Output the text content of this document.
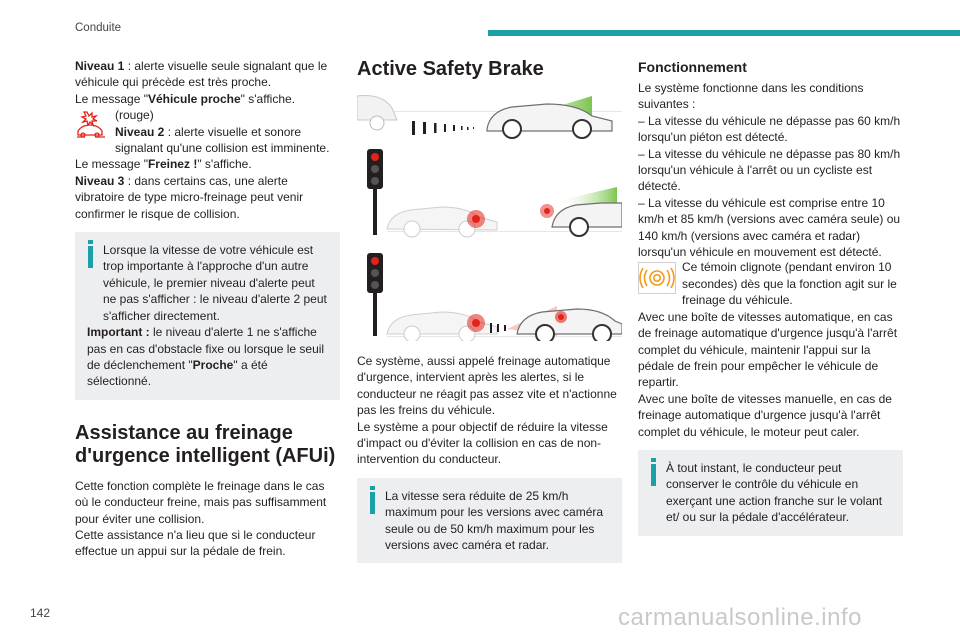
Conduite

Niveau 1 : alerte visuelle seule signalant que le véhicule qui précède est très proche.
Le message "Véhicule proche" s'affiche.

(rouge)
Niveau 2 : alerte visuelle et sonore signalant qu'une collision est imminente.

Le message "Freinez !" s'affiche.
Niveau 3 : dans certains cas, une alerte vibratoire de type micro-freinage peut venir confirmer le risque de collision.

Lorsque la vitesse de votre véhicule est trop importante à l'approche d'un autre véhicule, le premier niveau d'alerte peut ne pas s'afficher : le niveau d'alerte 2 peut s'afficher directement.

Important : le niveau d'alerte 1 ne s'affiche pas en cas d'obstacle fixe ou lorsque le seuil de déclenchement "Proche" a été sélectionné.

Assistance au freinage d'urgence intelligent (AFUi)

Cette fonction complète le freinage dans le cas où le conducteur freine, mais pas suffisamment pour éviter une collision.

Cette assistance n'a lieu que si le conducteur effectue un appui sur la pédale de frein.

Active Safety Brake

Ce système, aussi appelé freinage automatique d'urgence, intervient après les alertes, si le conducteur ne réagit pas assez vite et n'actionne pas les freins du véhicule.

Le système a pour objectif de réduire la vitesse d'impact ou d'éviter la collision en cas de non-intervention du conducteur.

La vitesse sera réduite de 25 km/h maximum pour les versions avec caméra seule ou de 50 km/h maximum pour les versions avec caméra et radar.

Fonctionnement

Le système fonctionne dans les conditions suivantes :

– La vitesse du véhicule ne dépasse pas 60 km/h lorsqu'un piéton est détecté.

– La vitesse du véhicule ne dépasse pas 80 km/h lorsqu'un véhicule à l'arrêt ou un cycliste est détecté.

– La vitesse du véhicule est comprise entre 10 km/h et 85 km/h (versions avec caméra seule) ou 140 km/h (versions avec caméra et radar) lorsqu'un véhicule en mouvement est détecté.

Ce témoin clignote (pendant environ 10 secondes) dès que la fonction agit sur le freinage du véhicule.

Avec une boîte de vitesses automatique, en cas de freinage automatique d'urgence jusqu'à l'arrêt complet du véhicule, maintenir l'appui sur la pédale de frein pour empêcher le véhicule de repartir.

Avec une boîte de vitesses manuelle, en cas de freinage automatique d'urgence jusqu'à l'arrêt complet du véhicule, le moteur peut caler.

À tout instant, le conducteur peut conserver le contrôle du véhicule en exerçant une action franche sur le volant et/ ou sur la pédale d'accélérateur.

142	carmanualsonline.info
